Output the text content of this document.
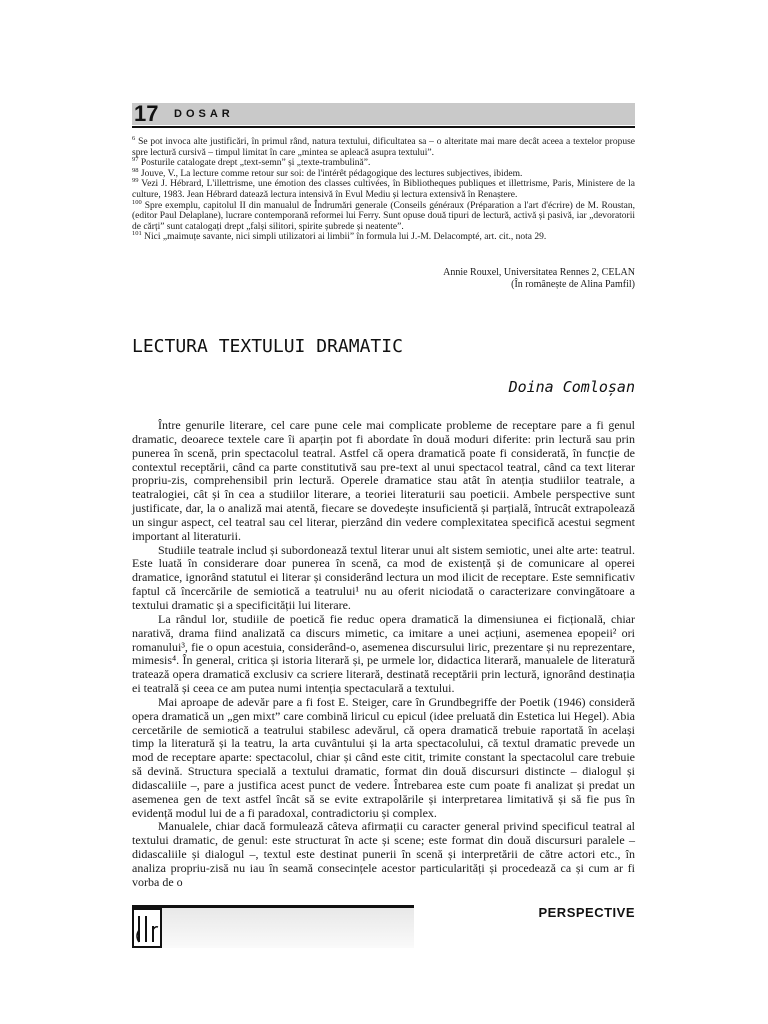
17 DOSAR

$^6$ Se pot invoca alte justificări, în primul rând, natura textului, dificultatea sa – o alteritate mai mare decât aceea a textelor propuse spre lectură cursivă – timpul limitat în care „mintea se apleacă asupra textului”.

$^{97}$ Posturile catalogate drept „text-semn” și „texte-trambulină”.

$^{98}$ Jouve, V., La lecture comme retour sur soi: de l'intérêt pédagogique des lectures subjectives, ibidem.

$^{99}$ Vezi J. Hébrard, L'illettrisme, une émotion des classes cultivées, în Bibliotheques publiques et illettrisme, Paris, Ministere de la culture, 1983. Jean Hébrard datează lectura intensivă în Evul Mediu și lectura extensivă în Renaștere.

$^{100}$ Spre exemplu, capitolul II din manualul de Îndrumări generale (Conseils généraux (Préparation a l'art d'écrire) de M. Roustan, (editor Paul Delaplane), lucrare contemporană reformei lui Ferry. Sunt opuse două tipuri de lectură, activă și pasivă, iar „devoratorii de cărți” sunt catalogați drept „falși silitori, spirite șubrede și neatente”.

$^{101}$ Nici „maimuțe savante, nici simpli utilizatori ai limbii” în formula lui J.-M. Delacompté, art. cit., nota 29.

Annie Rouxel, Universitatea Rennes 2, CELAN
(În românește de Alina Pamfil)
LECTURA TEXTULUI DRAMATIC
Doina Comloșan

Între genurile literare, cel care pune cele mai complicate probleme de receptare pare a fi genul dramatic, deoarece textele care îi aparțin pot fi abordate în două moduri diferite: prin lectură sau prin punerea în scenă, prin spectacolul teatral. Astfel că opera dramatică poate fi considerată, în funcție de contextul receptării, când ca parte constitutivă sau pre-text al unui spectacol teatral, când ca text literar propriu-zis, comprehensibil prin lectură. Operele dramatice stau atât în atenția studiilor teatrale, a teatralogiei, cât și în cea a studiilor literare, a teoriei literaturii sau poeticii. Ambele perspective sunt justificate, dar, la o analiză mai atentă, fiecare se dovedește insuficientă și parțială, întrucât extrapolează un singur aspect, cel teatral sau cel literar, pierzând din vedere complexitatea specifică acestui segment important al literaturii.

Studiile teatrale includ și subordonează textul literar unui alt sistem semiotic, unei alte arte: teatrul. Este luată în considerare doar punerea în scenă, ca mod de existență și de comunicare al operei dramatice, ignorând statutul ei literar și considerând lectura un mod ilicit de receptare. Este semnificativ faptul că încercările de semiotică a teatrului¹ nu au oferit niciodată o caracterizare convingătoare a textului dramatic și a specificității lui literare.

La rândul lor, studiile de poetică fie reduc opera dramatică la dimensiunea ei ficțională, chiar narativă, drama fiind analizată ca discurs mimetic, ca imitare a unei acțiuni, asemenea epopeii² ori romanului³, fie o opun acestuia, considerând-o, asemenea discursului liric, prezentare și nu reprezentare, mimesis⁴. În general, critica și istoria literară și, pe urmele lor, didactica literară, manualele de literatură tratează opera dramatică exclusiv ca scriere literară, destinată receptării prin lectură, ignorând destinația ei teatrală și ceea ce am putea numi intenția spectaculară a textului.

Mai aproape de adevăr pare a fi fost E. Steiger, care în Grundbegriffe der Poetik (1946) consideră opera dramatică un „gen mixt” care combină liricul cu epicul (idee preluată din Estetica lui Hegel). Abia cercetările de semiotică a teatrului stabilesc adevărul, că opera dramatică trebuie raportată în același timp la literatură și la teatru, la arta cuvântului și la arta spectacolului, că textul dramatic prevede un mod de receptare aparte: spectacolul, chiar și când este citit, trimite constant la spectacolul care trebuie să devină. Structura specială a textului dramatic, format din două discursuri distincte – dialogul și didascaliile –, pare a justifica acest punct de vedere. Întrebarea este cum poate fi analizat și predat un asemenea gen de text astfel încât să se evite extrapolările și interpretarea limitativă și să fie pus în evidență modul lui de a fi paradoxal, contradictoriu și complex.

Manualele, chiar dacă formulează câteva afirmații cu caracter general privind specificul teatral al textului dramatic, de genul: este structurat în acte și scene; este format din două discursuri paralele – didascaliile și dialogul –, textul este destinat punerii în scenă și interpretării de către actori etc., în analiza propriu-zisă nu iau în seamă consecințele acestor particularități și procedează ca și cum ar fi vorba de o

PERSPECTIVE
